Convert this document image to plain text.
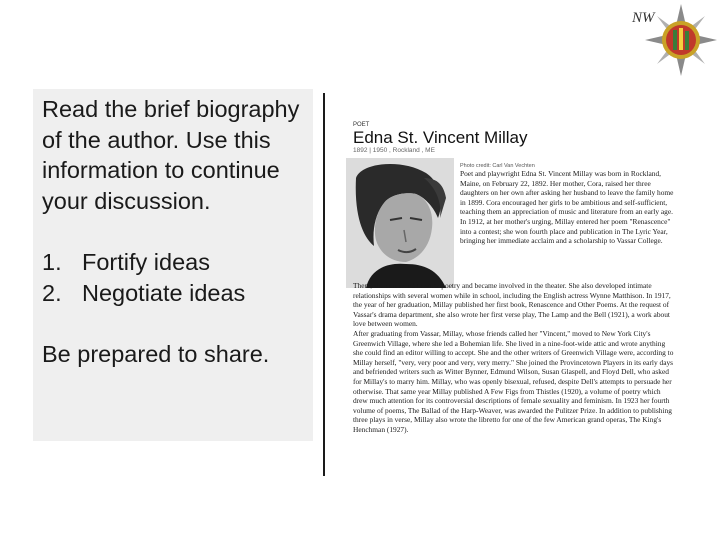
NW

Read the brief biography of the author. Use this information to continue your discussion.

1. Fortify ideas
2. Negotiate ideas

Be prepared to share.

POET
Edna St. Vincent Millay
1892 | 1950 , Rockland , ME
Photo credit: Carl Van Vechten

Poet and playwright Edna St. Vincent Millay was born in Rockland, Maine, on February 22, 1892. Her mother, Cora, raised her three daughters on her own after asking her husband to leave the family home in 1899. Cora encouraged her girls to be ambitious and self-sufficient, teaching them an appreciation of music and literature from an early age. In 1912, at her mother's urging, Millay entered her poem "Renascence" into a contest; she won fourth place and publication in The Lyric Year, bringing her immediate acclaim and a scholarship to Vassar College.

There, she continued to write poetry and became involved in the theater. She also developed intimate relationships with several women while in school, including the English actress Wynne Matthison. In 1917, the year of her graduation, Millay published her first book, Renascence and Other Poems. At the request of Vassar's drama department, she also wrote her first verse play, The Lamp and the Bell (1921), a work about love between women.

After graduating from Vassar, Millay, whose friends called her "Vincent," moved to New York City's Greenwich Village, where she led a Bohemian life. She lived in a nine-foot-wide attic and wrote anything she could find an editor willing to accept. She and the other writers of Greenwich Village were, according to Millay herself, "very, very poor and very, very merry." She joined the Provincetown Players in its early days and befriended writers such as Witter Bynner, Edmund Wilson, Susan Glaspell, and Floyd Dell, who asked for Millay's to marry him. Millay, who was openly bisexual, refused, despite Dell's attempts to persuade her otherwise. That same year Millay published A Few Figs from Thistles (1920), a volume of poetry which drew much attention for its controversial descriptions of female sexuality and feminism. In 1923 her fourth volume of poems, The Ballad of the Harp-Weaver, was awarded the Pulitzer Prize. In addition to publishing three plays in verse, Millay also wrote the libretto for one of the few American grand operas, The King's Henchman (1927).
